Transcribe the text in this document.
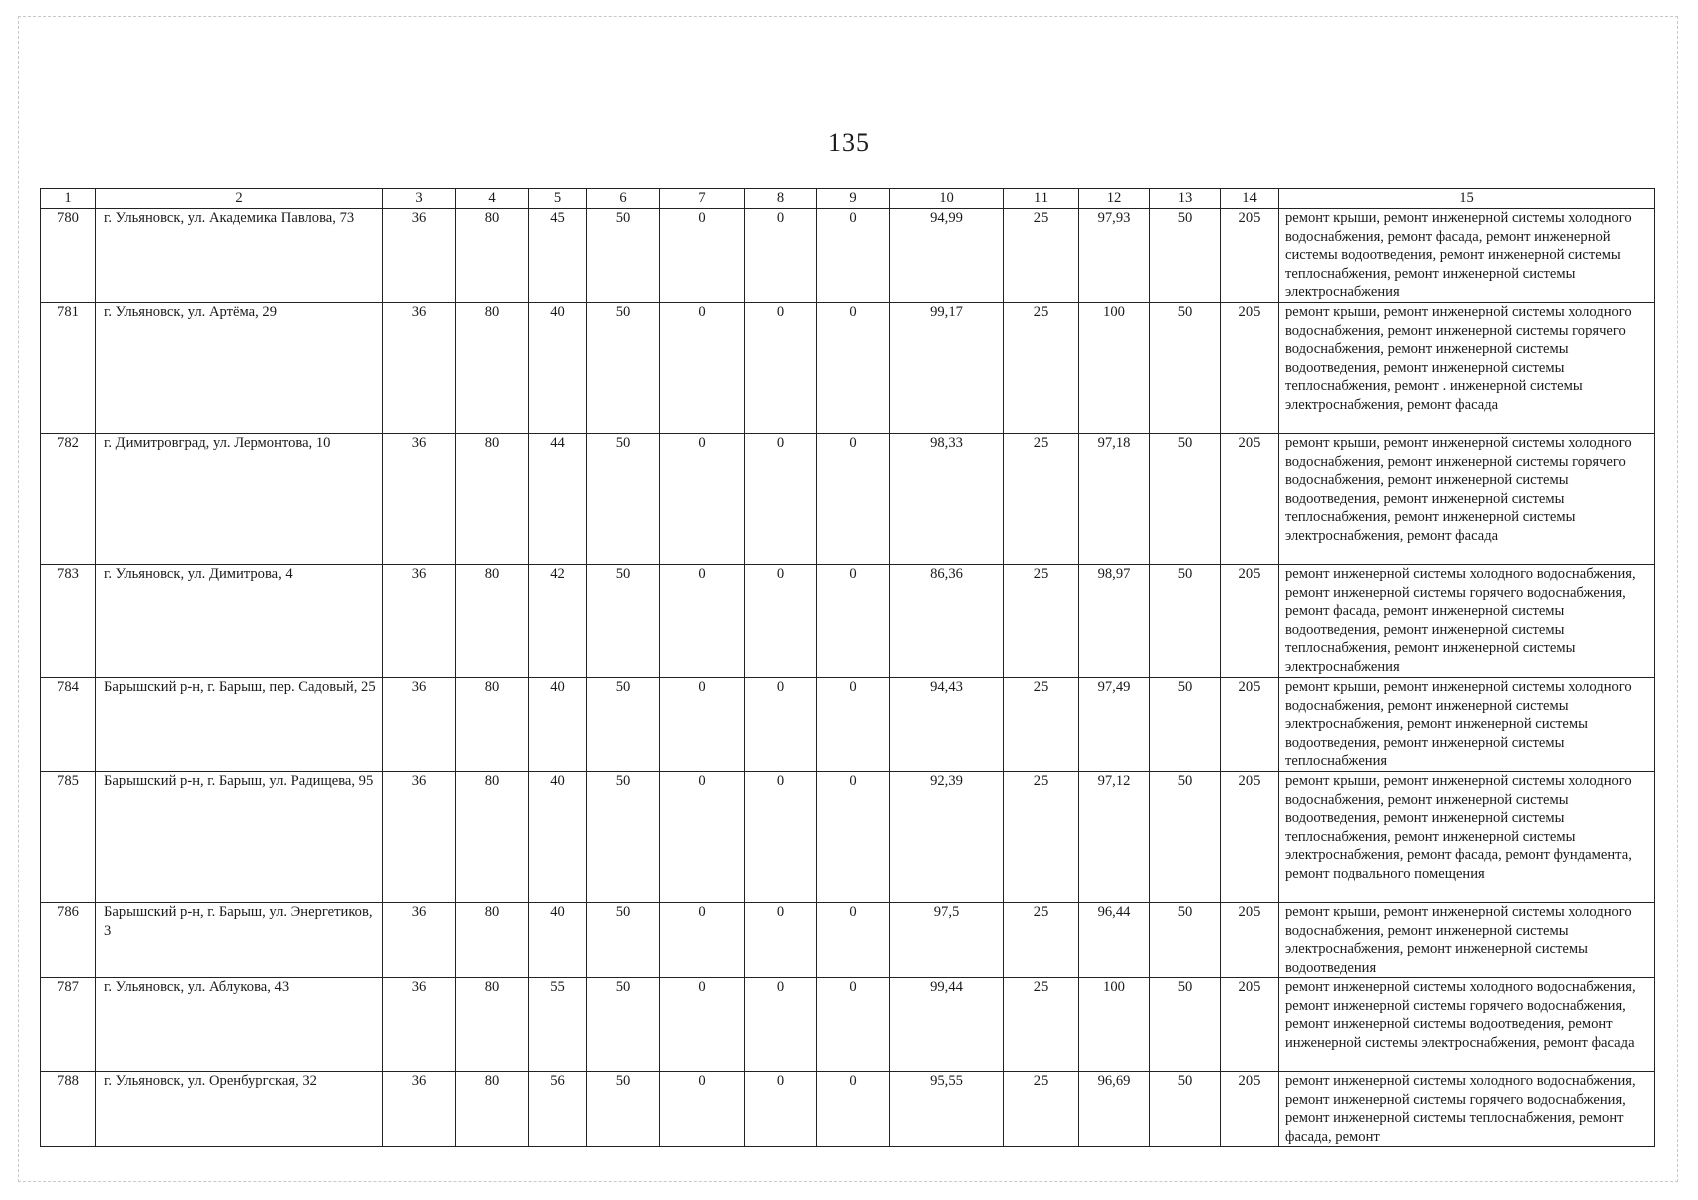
135
1	2	3	4	5	6	7	8	9	10	11	12	13	14	15
780	г. Ульяновск, ул. Академика Павлова, 73	36	80	45	50	0	0	0	94,99	25	97,93	50	205	ремонт крыши, ремонт инженерной системы холодного водоснабжения, ремонт фасада, ремонт инженерной системы водоотведения, ремонт инженерной системы теплоснабжения, ремонт инженерной системы электроснабжения
781	г. Ульяновск, ул. Артёма, 29	36	80	40	50	0	0	0	99,17	25	100	50	205	ремонт крыши, ремонт инженерной системы холодного водоснабжения, ремонт инженерной системы горячего водоснабжения, ремонт инженерной системы водоотведения, ремонт инженерной системы теплоснабжения, ремонт . инженерной системы электроснабжения, ремонт фасада
782	г. Димитровград, ул. Лермонтова, 10	36	80	44	50	0	0	0	98,33	25	97,18	50	205	ремонт крыши, ремонт инженерной системы холодного водоснабжения, ремонт инженерной системы горячего водоснабжения, ремонт инженерной системы водоотведения, ремонт инженерной системы теплоснабжения, ремонт инженерной системы электроснабжения, ремонт фасада
783	г. Ульяновск, ул. Димитрова, 4	36	80	42	50	0	0	0	86,36	25	98,97	50	205	ремонт инженерной системы холодного водоснабжения, ремонт инженерной системы горячего водоснабжения, ремонт фасада, ремонт инженерной системы водоотведения, ремонт инженерной системы теплоснабжения, ремонт инженерной системы электроснабжения
784	Барышский р-н, г. Барыш, пер. Садовый, 25	36	80	40	50	0	0	0	94,43	25	97,49	50	205	ремонт крыши, ремонт инженерной системы холодного водоснабжения, ремонт инженерной системы электроснабжения, ремонт инженерной системы водоотведения, ремонт инженерной системы теплоснабжения
785	Барышский р-н, г. Барыш, ул. Радищева, 95	36	80	40	50	0	0	0	92,39	25	97,12	50	205	ремонт крыши, ремонт инженерной системы холодного водоснабжения, ремонт инженерной системы водоотведения, ремонт инженерной системы теплоснабжения, ремонт инженерной системы электроснабжения, ремонт фасада, ремонт фундамента, ремонт подвального помещения
786	Барышский р-н, г. Барыш, ул. Энергетиков, 3	36	80	40	50	0	0	0	97,5	25	96,44	50	205	ремонт крыши, ремонт инженерной системы холодного водоснабжения, ремонт инженерной системы электроснабжения, ремонт инженерной системы водоотведения
787	г. Ульяновск, ул. Аблукова, 43	36	80	55	50	0	0	0	99,44	25	100	50	205	ремонт инженерной системы холодного водоснабжения, ремонт инженерной системы горячего водоснабжения, ремонт инженерной системы водоотведения, ремонт инженерной системы электроснабжения, ремонт фасада
788	г. Ульяновск, ул. Оренбургская, 32	36	80	56	50	0	0	0	95,55	25	96,69	50	205	ремонт инженерной системы холодного водоснабжения, ремонт инженерной системы горячего водоснабжения, ремонт инженерной системы теплоснабжения, ремонт фасада, ремонт
